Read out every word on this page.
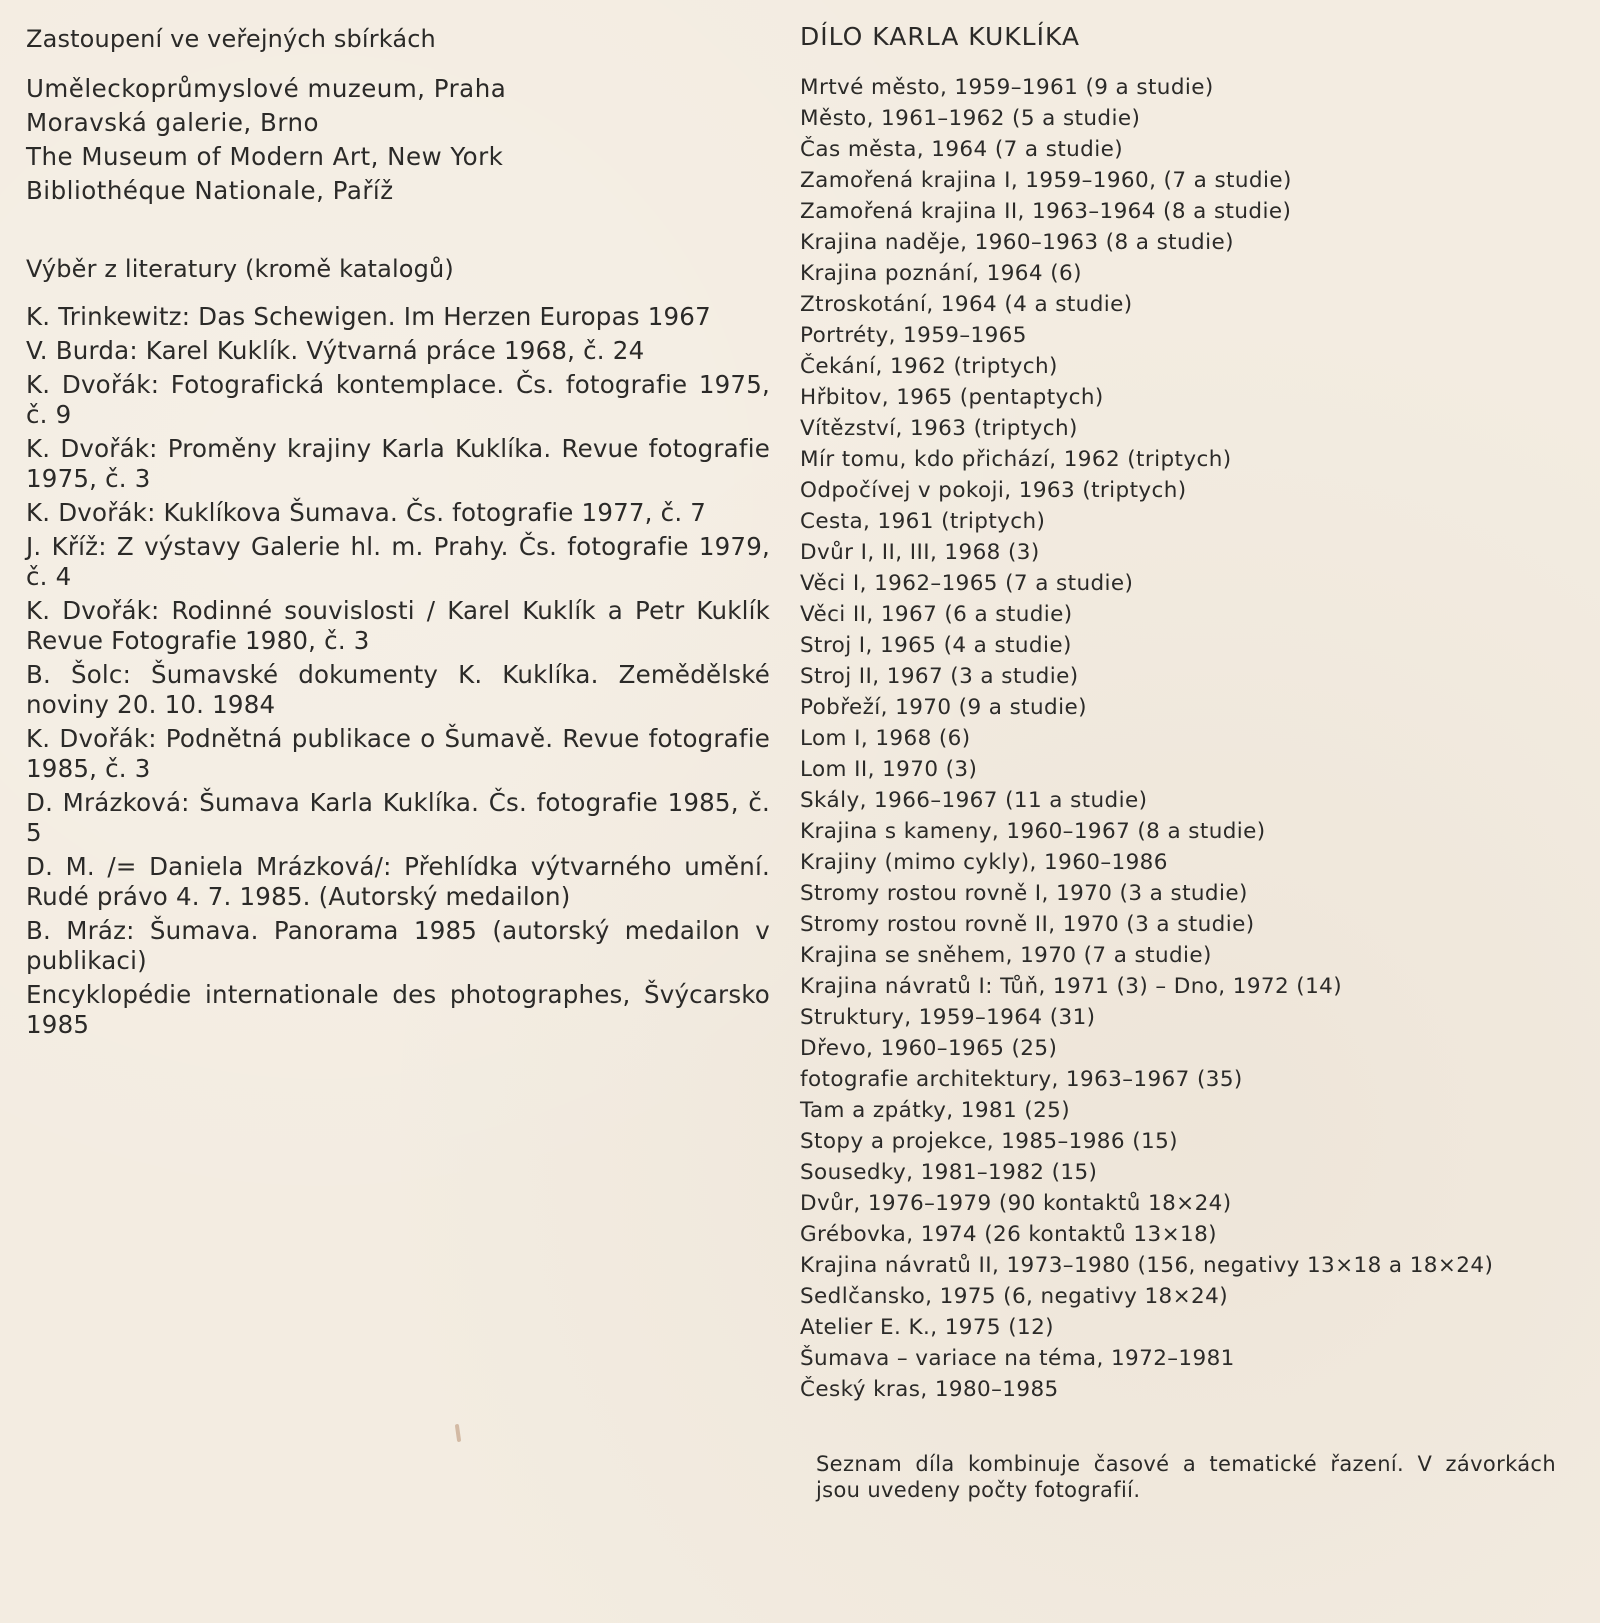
Zastoupení ve veřejných sbírkách
Uměleckoprůmyslové muzeum, Praha
Moravská galerie, Brno
The Museum of Modern Art, New York
Bibliothéque Nationale, Paříž
Výběr z literatury (kromě katalogů)
K. Trinkewitz: Das Schewigen. Im Herzen Europas 1967
V. Burda: Karel Kuklík. Výtvarná práce 1968, č. 24
K. Dvořák: Fotografická kontemplace. Čs. fotografie 1975, č. 9
K. Dvořák: Proměny krajiny Karla Kuklíka. Revue fotografie 1975, č. 3
K. Dvořák: Kuklíkova Šumava. Čs. fotografie 1977, č. 7
J. Kříž: Z výstavy Galerie hl. m. Prahy. Čs. fotografie 1979, č. 4
K. Dvořák: Rodinné souvislosti / Karel Kuklík a Petr Kuklík Revue Fotografie 1980, č. 3
B. Šolc: Šumavské dokumenty K. Kuklíka. Zemědělské noviny 20. 10. 1984
K. Dvořák: Podnětná publikace o Šumavě. Revue fotografie 1985, č. 3
D. Mrázková: Šumava Karla Kuklíka. Čs. fotografie 1985, č. 5
D. M. /= Daniela Mrázková/: Přehlídka výtvarného umění. Rudé právo 4. 7. 1985. (Autorský medailon)
B. Mráz: Šumava. Panorama 1985 (autorský medailon v publikaci)
Encyklopédie internationale des photographes, Švýcarsko 1985
DÍLO KARLA KUKLÍKA
Mrtvé město, 1959–1961 (9 a studie)
Město, 1961–1962 (5 a studie)
Čas města, 1964 (7 a studie)
Zamořená krajina I, 1959–1960, (7 a studie)
Zamořená krajina II, 1963–1964 (8 a studie)
Krajina naděje, 1960–1963 (8 a studie)
Krajina poznání, 1964 (6)
Ztroskotání, 1964 (4 a studie)
Portréty, 1959–1965
Čekání, 1962 (triptych)
Hřbitov, 1965 (pentaptych)
Vítězství, 1963 (triptych)
Mír tomu, kdo přichází, 1962 (triptych)
Odpočívej v pokoji, 1963 (triptych)
Cesta, 1961 (triptych)
Dvůr I, II, III, 1968 (3)
Věci I, 1962–1965 (7 a studie)
Věci II, 1967 (6 a studie)
Stroj I, 1965 (4 a studie)
Stroj II, 1967 (3 a studie)
Pobřeží, 1970 (9 a studie)
Lom I, 1968 (6)
Lom II, 1970 (3)
Skály, 1966–1967 (11 a studie)
Krajina s kameny, 1960–1967 (8 a studie)
Krajiny (mimo cykly), 1960–1986
Stromy rostou rovně I, 1970 (3 a studie)
Stromy rostou rovně II, 1970 (3 a studie)
Krajina se sněhem, 1970 (7 a studie)
Krajina návratů I: Tůň, 1971 (3) – Dno, 1972 (14)
Struktury, 1959–1964 (31)
Dřevo, 1960–1965 (25)
fotografie architektury, 1963–1967 (35)
Tam a zpátky, 1981 (25)
Stopy a projekce, 1985–1986 (15)
Sousedky, 1981–1982 (15)
Dvůr, 1976–1979 (90 kontaktů 18×24)
Grébovka, 1974 (26 kontaktů 13×18)
Krajina návratů II, 1973–1980 (156, negativy 13×18 a 18×24)
Sedlčansko, 1975 (6, negativy 18×24)
Atelier E. K., 1975 (12)
Šumava – variace na téma, 1972–1981
Český kras, 1980–1985
Seznam díla kombinuje časové a tematické řazení. V závorkách jsou uvedeny počty fotografií.
